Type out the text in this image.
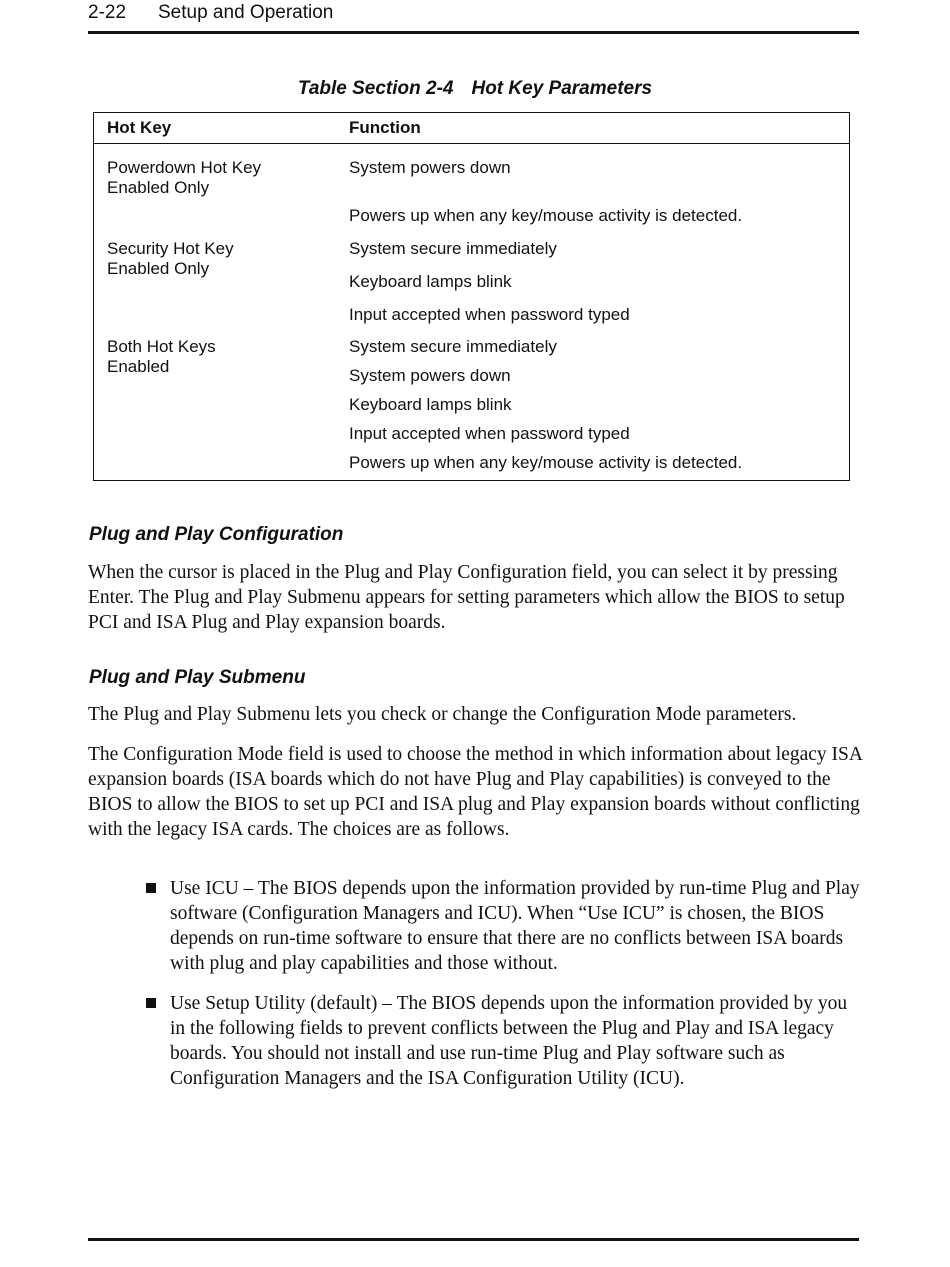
2-22 Setup and Operation
Table Section 2-4 Hot Key Parameters
Hot Key	Function
Powerdown Hot Key
Enabled Only
System powers down
Powers up when any key/mouse activity is detected.
Security Hot Key
Enabled Only
System secure immediately
Keyboard lamps blink
Input accepted when password typed
Both Hot Keys
Enabled
System secure immediately
System powers down
Keyboard lamps blink
Input accepted when password typed
Powers up when any key/mouse activity is detected.
Plug and Play Configuration

When the cursor is placed in the Plug and Play Configuration field, you can select it by pressing Enter. The Plug and Play Submenu appears for setting parameters which allow the BIOS to setup PCI and ISA Plug and Play expansion boards.

Plug and Play Submenu

The Plug and Play Submenu lets you check or change the Configuration Mode parameters.

The Configuration Mode field is used to choose the method in which information about legacy ISA expansion boards (ISA boards which do not have Plug and Play capabilities) is conveyed to the BIOS to allow the BIOS to set up PCI and ISA plug and Play expansion boards without conflicting with the legacy ISA cards. The choices are as follows.

Use ICU – The BIOS depends upon the information provided by run-time Plug and Play software (Configuration Managers and ICU). When “Use ICU” is chosen, the BIOS depends on run-time software to ensure that there are no conflicts between ISA boards with plug and play capabilities and those without.

Use Setup Utility (default) – The BIOS depends upon the information provided by you in the following fields to prevent conflicts between the Plug and Play and ISA legacy boards. You should not install and use run-time Plug and Play software such as Configuration Managers and the ISA Configuration Utility (ICU).
